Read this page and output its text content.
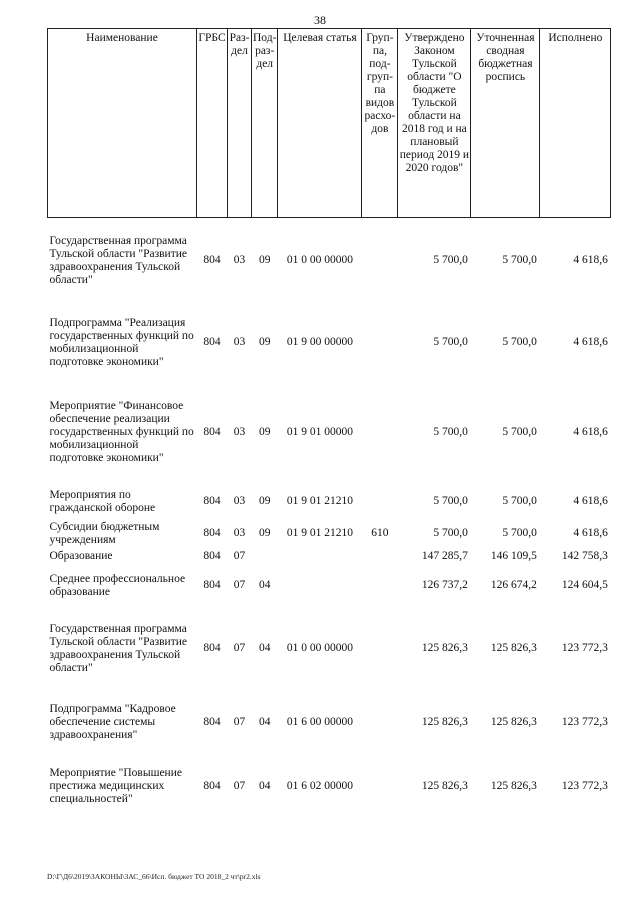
38
Наименование	ГРБС	Раз-дел	Под-раз-дел	Целевая статья	Груп-па, под-груп-па видов расхо-дов	Утверждено Законом Тульской области "О бюджете Тульской области на 2018 год и на плановый период 2019 и 2020 годов"	Уточненная сводная бюджетная роспись	Исполнено
Государственная программа Тульской области "Развитие здравоохранения Тульской области"	804	03	09	01 0 00 00000		5 700,0	5 700,0	4 618,6
Подпрограмма "Реализация государственных функций по мобилизационной подготовке экономики"	804	03	09	01 9 00 00000		5 700,0	5 700,0	4 618,6
Мероприятие "Финансовое обеспечение реализации государственных функций по мобилизационной подготовке экономики"	804	03	09	01 9 01 00000		5 700,0	5 700,0	4 618,6
Мероприятия по гражданской обороне	804	03	09	01 9 01 21210		5 700,0	5 700,0	4 618,6
Субсидии бюджетным учреждениям	804	03	09	01 9 01 21210	610	5 700,0	5 700,0	4 618,6
Образование	804	07				147 285,7	146 109,5	142 758,3
Среднее профессиональное образование	804	07	04			126 737,2	126 674,2	124 604,5
Государственная программа Тульской области "Развитие здравоохранения Тульской области"	804	07	04	01 0 00 00000		125 826,3	125 826,3	123 772,3
Подпрограмма "Кадровое обеспечение системы здравоохранения"	804	07	04	01 6 00 00000		125 826,3	125 826,3	123 772,3
Мероприятие "Повышение престижа медицинских специальностей"	804	07	04	01 6 02 00000		125 826,3	125 826,3	123 772,3
D:\Г\Д6\2019\ЗАКОНЫ\ЗАС_66\Исп. бюджет ТО 2018_2 чт\pr2.xls
